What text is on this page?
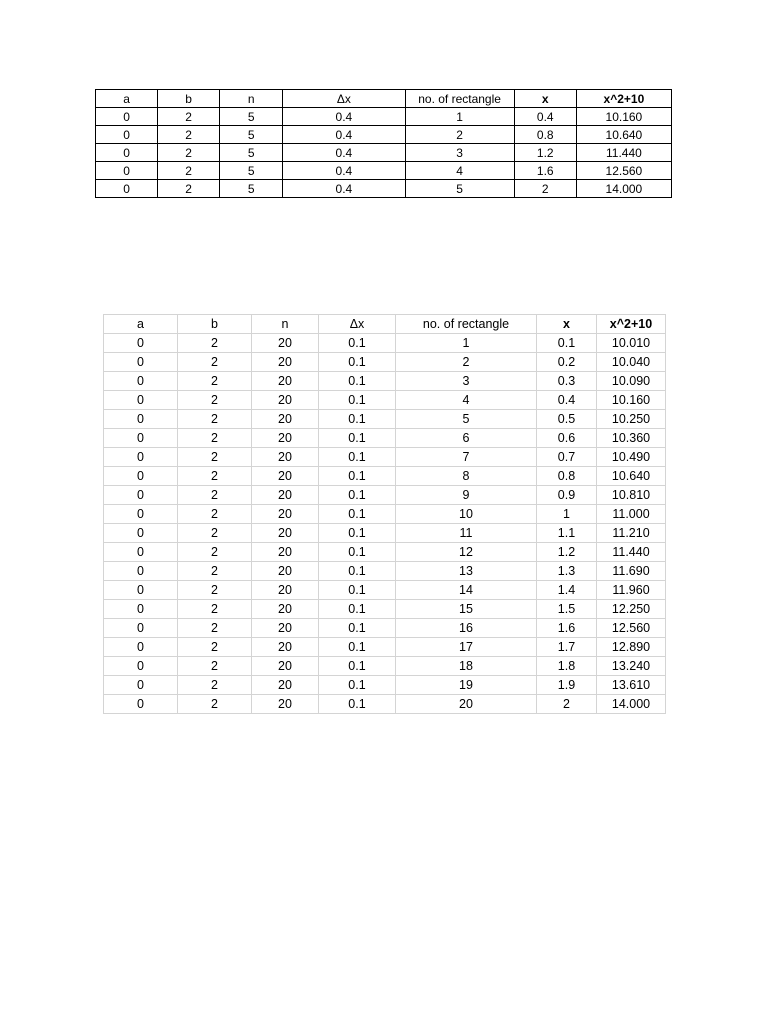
a	b	n	Δx	no. of rectangle	x	x^2+10
0	2	5	0.4	1	0.4	10.160
0	2	5	0.4	2	0.8	10.640
0	2	5	0.4	3	1.2	11.440
0	2	5	0.4	4	1.6	12.560
0	2	5	0.4	5	2	14.000
a	b	n	Δx	no. of rectangle	x	x^2+10
0	2	20	0.1	1	0.1	10.010
0	2	20	0.1	2	0.2	10.040
0	2	20	0.1	3	0.3	10.090
0	2	20	0.1	4	0.4	10.160
0	2	20	0.1	5	0.5	10.250
0	2	20	0.1	6	0.6	10.360
0	2	20	0.1	7	0.7	10.490
0	2	20	0.1	8	0.8	10.640
0	2	20	0.1	9	0.9	10.810
0	2	20	0.1	10	1	11.000
0	2	20	0.1	11	1.1	11.210
0	2	20	0.1	12	1.2	11.440
0	2	20	0.1	13	1.3	11.690
0	2	20	0.1	14	1.4	11.960
0	2	20	0.1	15	1.5	12.250
0	2	20	0.1	16	1.6	12.560
0	2	20	0.1	17	1.7	12.890
0	2	20	0.1	18	1.8	13.240
0	2	20	0.1	19	1.9	13.610
0	2	20	0.1	20	2	14.000
